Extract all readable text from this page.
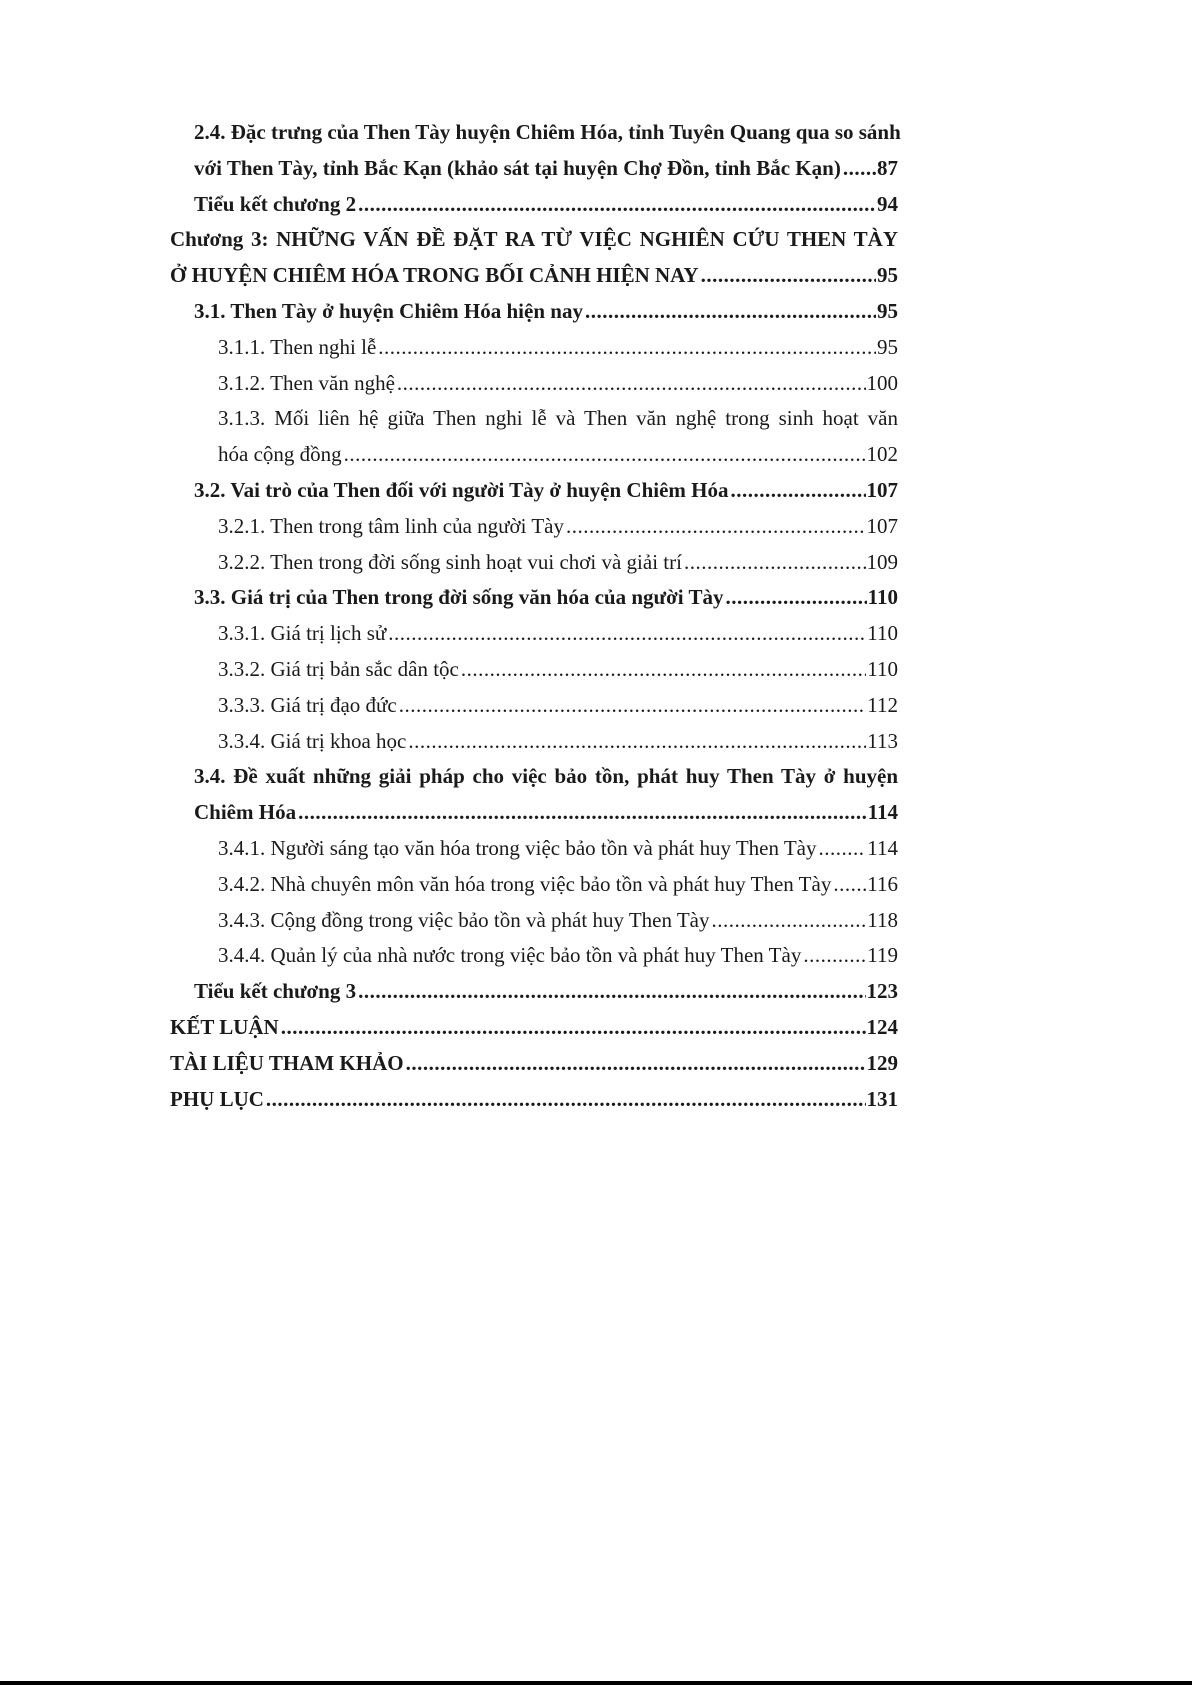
2.4. Đặc trưng của Then Tày huyện Chiêm Hóa, tỉnh Tuyên Quang qua so sánh
với Then Tày, tỉnh Bắc Kạn (khảo sát tại huyện Chợ Đồn, tỉnh Bắc Kạn) ..... 87
Tiểu kết chương 2 .....	94
Chương 3: NHỮNG VẤN ĐỀ ĐẶT RA TỪ VIỆC NGHIÊN CỨU THEN TÀY
Ở HUYỆN CHIÊM HÓA TRONG BỐI CẢNH HIỆN NAY .....	95
3.1. Then Tày ở huyện Chiêm Hóa hiện nay .....	95
3.1.1. Then nghi lễ .....	95
3.1.2. Then văn nghệ .....	100
3.1.3. Mối liên hệ giữa Then nghi lễ và Then văn nghệ trong sinh hoạt văn
hóa cộng đồng .....	102
3.2. Vai trò của Then đối với người Tày ở huyện Chiêm Hóa .....	107
3.2.1. Then trong tâm linh của người Tày .....	107
3.2.2. Then trong đời sống sinh hoạt vui chơi và giải trí .....	109
3.3. Giá trị của Then trong đời sống văn hóa của người Tày .....	110
3.3.1. Giá trị lịch sử .....	110
3.3.2. Giá trị bản sắc dân tộc .....	110
3.3.3. Giá trị đạo đức .....	112
3.3.4. Giá trị khoa học .....	113
3.4. Đề xuất những giải pháp cho việc bảo tồn, phát huy Then Tày ở huyện
Chiêm Hóa .....	114
3.4.1. Người sáng tạo văn hóa trong việc bảo tồn và phát huy Then Tày ..... 114
3.4.2. Nhà chuyên môn văn hóa trong việc bảo tồn và phát huy Then Tày ..... 116
3.4.3. Cộng đồng trong việc bảo tồn và phát huy Then Tày .....	118
3.4.4. Quản lý của nhà nước trong việc bảo tồn và phát huy Then Tày .....	119
Tiểu kết chương 3 .....	123
KẾT LUẬN .....	124
TÀI LIỆU THAM KHẢO .....	129
PHỤ LỤC .....	131
